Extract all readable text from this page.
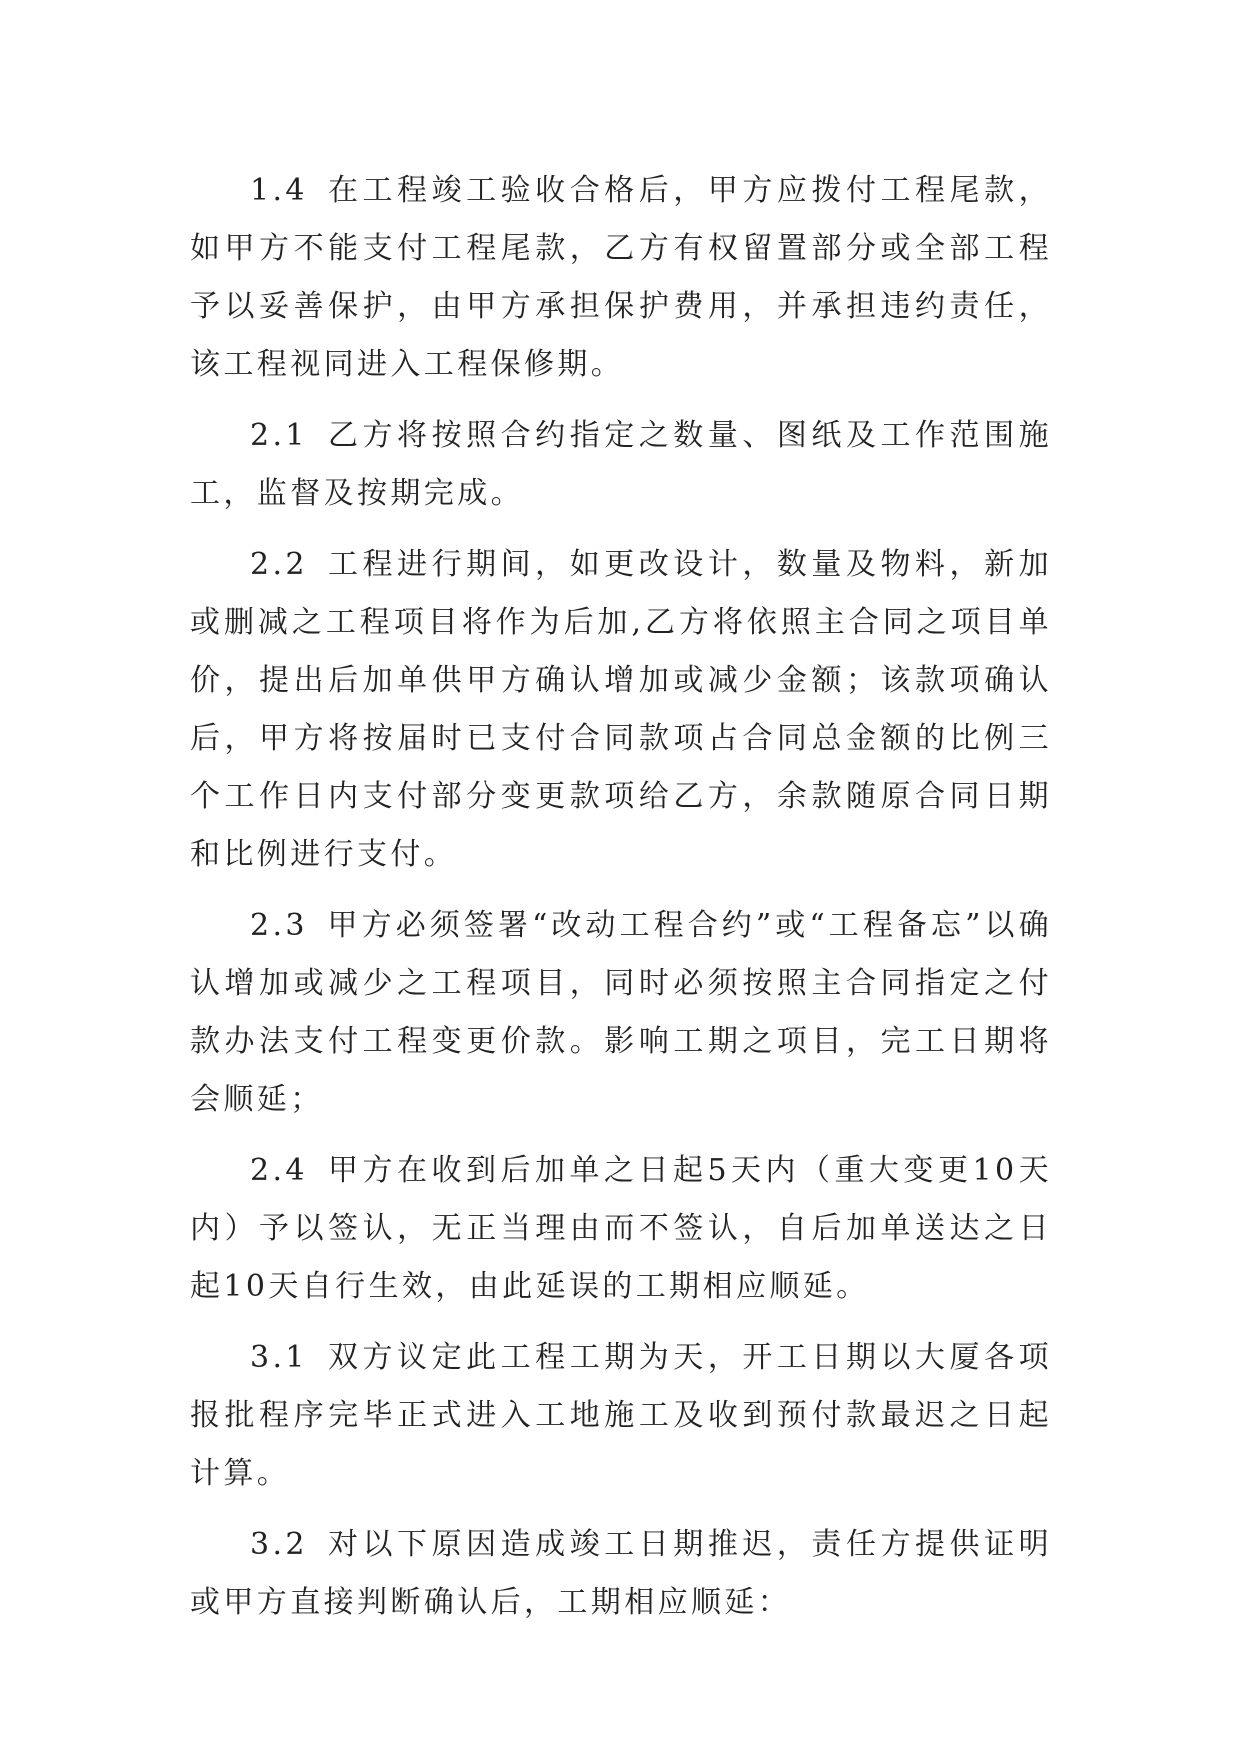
1.4 在工程竣工验收合格后，甲方应拨付工程尾款，如甲方不能支付工程尾款，乙方有权留置部分或全部工程予以妥善保护，由甲方承担保护费用，并承担违约责任，该工程视同进入工程保修期。

2.1 乙方将按照合约指定之数量、图纸及工作范围施工，监督及按期完成。

2.2 工程进行期间，如更改设计，数量及物料，新加或删减之工程项目将作为后加,乙方将依照主合同之项目单价，提出后加单供甲方确认增加或减少金额；该款项确认后，甲方将按届时已支付合同款项占合同总金额的比例三个工作日内支付部分变更款项给乙方，余款随原合同日期和比例进行支付。

2.3 甲方必须签署“改动工程合约”或“工程备忘”以确认增加或减少之工程项目，同时必须按照主合同指定之付款办法支付工程变更价款。影响工期之项目，完工日期将会顺延；

2.4 甲方在收到后加单之日起5天内（重大变更10天内）予以签认，无正当理由而不签认，自后加单送达之日起10天自行生效，由此延误的工期相应顺延。

3.1 双方议定此工程工期为天，开工日期以大厦各项报批程序完毕正式进入工地施工及收到预付款最迟之日起计算。

3.2 对以下原因造成竣工日期推迟，责任方提供证明或甲方直接判断确认后，工期相应顺延：
